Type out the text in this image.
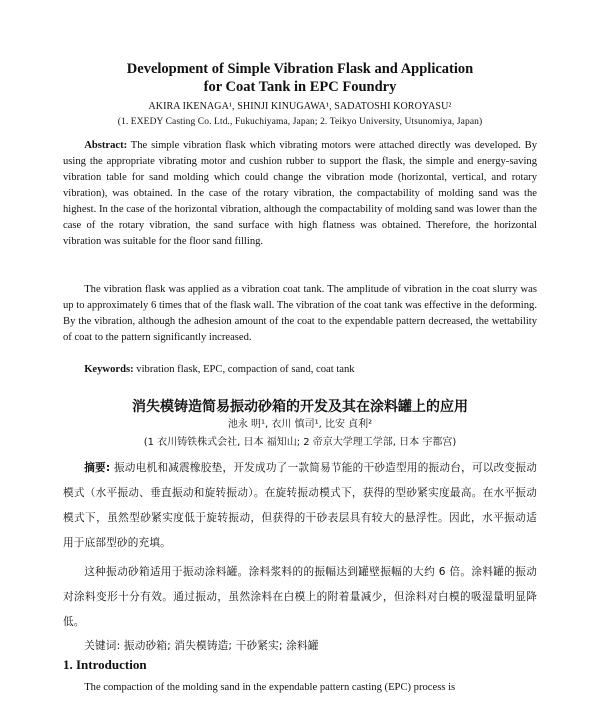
Development of Simple Vibration Flask and Application
for Coat Tank in EPC Foundry
AKIRA IKENAGA¹, SHINJI KINUGAWA¹, SADATOSHI KOROYASU²
(1. EXEDY Casting Co. Ltd., Fukuchiyama, Japan; 2. Teikyo University, Utsunomiya, Japan)

Abstract: The simple vibration flask which vibrating motors were attached directly was developed. By using the appropriate vibrating motor and cushion rubber to support the flask, the simple and energy-saving vibration table for sand molding which could change the vibration mode (horizontal, vertical, and rotary vibration), was obtained. In the case of the rotary vibration, the compactability of molding sand was the highest. In the case of the horizontal vibration, although the compactability of molding sand was lower than the case of the rotary vibration, the sand surface with high flatness was obtained. Therefore, the horizontal vibration was suitable for the floor sand filling.

The vibration flask was applied as a vibration coat tank. The amplitude of vibration in the coat slurry was up to approximately 6 times that of the flask wall. The vibration of the coat tank was effective in the deforming. By the vibration, although the adhesion amount of the coat to the expendable pattern decreased, the wettability of coat to the pattern significantly increased.

Keywords: vibration flask, EPC, compaction of sand, coat tank

消失模铸造简易振动砂箱的开发及其在涂料罐上的应用
池永 明¹, 衣川 慎司¹, 比安 貞利²
(1 衣川铸铁株式会社, 日本 福知山; 2 帝京大学理工学部, 日本 宇都宫)

摘要: 振动电机和减震橡胶垫，开发成功了一款简易节能的干砂造型用的振动台，可以改变振动模式（水平振动、垂直振动和旋转振动）。在旋转振动模式下，获得的型砂紧实度最高。在水平振动模式下，虽然型砂紧实度低于旋转振动，但获得的干砂表层具有较大的悬浮性。因此，水平振动适用于底部型砂的充填。

这种振动砂箱适用于振动涂料罐。涂料浆料的的振幅达到罐壁振幅的大约 6 倍。涂料罐的振动对涂料变形十分有效。通过振动，虽然涂料在白模上的附着量减少，但涂料对白模的吸湿量明显降低。

关键词: 振动砂箱; 消失模铸造; 干砂紧实; 涂料罐

1. Introduction

The compaction of the molding sand in the expendable pattern casting (EPC) process is
